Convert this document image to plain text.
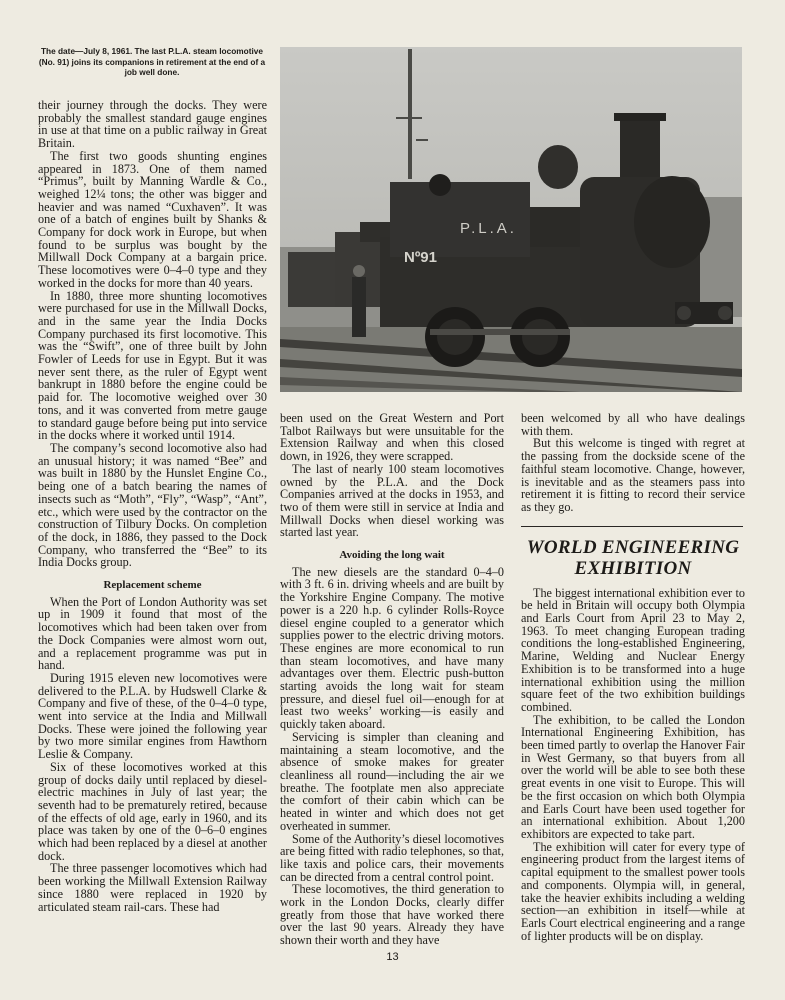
The date—July 8, 1961. The last P.L.A. steam locomotive (No. 91) joins its companions in retirement at the end of a job well done.

their journey through the docks. They were probably the smallest standard gauge engines in use at that time on a public railway in Great Britain.

The first two goods shunting engines appeared in 1873. One of them named “Primus”, built by Manning Wardle & Co., weighed 12¼ tons; the other was bigger and heavier and was named “Cuxhaven”. It was one of a batch of engines built by Shanks & Company for dock work in Europe, but when found to be surplus was bought by the Millwall Dock Company at a bargain price. These locomotives were 0–4–0 type and they worked in the docks for more than 40 years.

In 1880, three more shunting locomotives were purchased for use in the Millwall Docks, and in the same year the India Docks Company purchased its first locomotive. This was the “Swift”, one of three built by John Fowler of Leeds for use in Egypt. But it was never sent there, as the ruler of Egypt went bankrupt in 1880 before the engine could be paid for. The locomotive weighed over 30 tons, and it was converted from metre gauge to standard gauge before being put into service in the docks where it worked until 1914.

The company’s second locomotive also had an unusual history; it was named “Bee” and was built in 1880 by the Hunslet Engine Co., being one of a batch bearing the names of insects such as “Moth”, “Fly”, “Wasp”, “Ant”, etc., which were used by the contractor on the construction of Tilbury Docks. On completion of the dock, in 1886, they passed to the Dock Company, who transferred the “Bee” to its India Docks group.

Replacement scheme

When the Port of London Authority was set up in 1909 it found that most of the locomotives which had been taken over from the Dock Companies were almost worn out, and a replacement programme was put in hand.

During 1915 eleven new locomotives were delivered to the P.L.A. by Hudswell Clarke & Company and five of these, of the 0–4–0 type, went into service at the India and Millwall Docks. These were joined the following year by two more similar engines from Hawthorn Leslie & Company.

Six of these locomotives worked at this group of docks daily until replaced by diesel-electric machines in July of last year; the seventh had to be prematurely retired, because of the effects of old age, early in 1960, and its place was taken by one of the 0–6–0 engines which had been replaced by a diesel at another dock.

The three passenger locomotives which had been working the Millwall Extension Railway since 1880 were replaced in 1920 by articulated steam rail-cars. These had

P.L.A.
Nº91

been used on the Great Western and Port Talbot Railways but were unsuitable for the Extension Railway and when this closed down, in 1926, they were scrapped.

The last of nearly 100 steam locomotives owned by the P.L.A. and the Dock Companies arrived at the docks in 1953, and two of them were still in service at India and Millwall Docks when diesel working was started last year.

Avoiding the long wait

The new diesels are the standard 0–4–0 with 3 ft. 6 in. driving wheels and are built by the Yorkshire Engine Company. The motive power is a 220 h.p. 6 cylinder Rolls-Royce diesel engine coupled to a generator which supplies power to the electric driving motors. These engines are more economical to run than steam locomotives, and have many advantages over them. Electric push-button starting avoids the long wait for steam pressure, and diesel fuel oil—enough for at least two weeks’ working—is easily and quickly taken aboard.

Servicing is simpler than cleaning and maintaining a steam locomotive, and the absence of smoke makes for greater cleanliness all round—including the air we breathe. The footplate men also appreciate the comfort of their cabin which can be heated in winter and which does not get overheated in summer.

Some of the Authority’s diesel locomotives are being fitted with radio telephones, so that, like taxis and police cars, their movements can be directed from a central control point.

These locomotives, the third generation to work in the London Docks, clearly differ greatly from those that have worked there over the last 90 years. Already they have shown their worth and they have

been welcomed by all who have dealings with them.

But this welcome is tinged with regret at the passing from the dockside scene of the faithful steam locomotive. Change, however, is inevitable and as the steamers pass into retirement it is fitting to record their service as they go.

WORLD ENGINEERING EXHIBITION

The biggest international exhibition ever to be held in Britain will occupy both Olympia and Earls Court from April 23 to May 2, 1963. To meet changing European trading conditions the long-established Engineering, Marine, Welding and Nuclear Energy Exhibition is to be transformed into a huge international exhibition using the million square feet of the two exhibition buildings combined.

The exhibition, to be called the London International Engineering Exhibition, has been timed partly to overlap the Hanover Fair in West Germany, so that buyers from all over the world will be able to see both these great events in one visit to Europe. This will be the first occasion on which both Olympia and Earls Court have been used together for an international exhibition. About 1,200 exhibitors are expected to take part.

The exhibition will cater for every type of engineering product from the largest items of capital equipment to the smallest power tools and components. Olympia will, in general, take the heavier exhibits including a welding section—an exhibition in itself—while at Earls Court electrical engineering and a range of lighter products will be on display.

13
